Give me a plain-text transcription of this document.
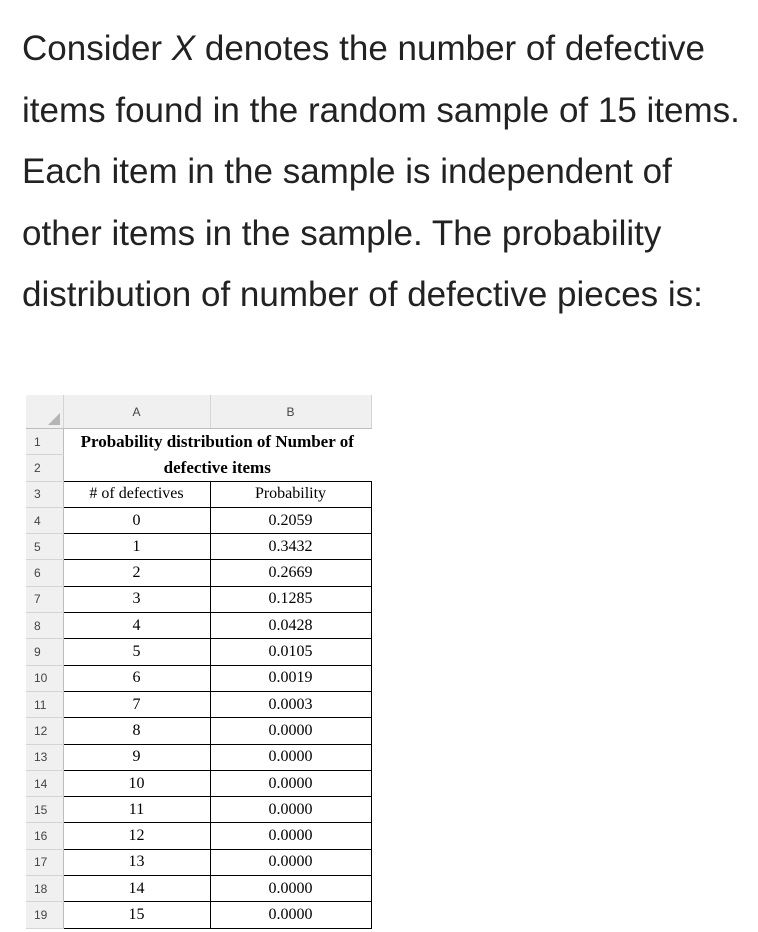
Consider X denotes the number of defective items found in the random sample of 15 items. Each item in the sample is independent of other items in the sample. The probability distribution of number of defective pieces is:
	A	B
1	Probability distribution of Number of	
2	defective items	
3	# of defectives	Probability
4	0	0.2059
5	1	0.3432
6	2	0.2669
7	3	0.1285
8	4	0.0428
9	5	0.0105
10	6	0.0019
11	7	0.0003
12	8	0.0000
13	9	0.0000
14	10	0.0000
15	11	0.0000
16	12	0.0000
17	13	0.0000
18	14	0.0000
19	15	0.0000
